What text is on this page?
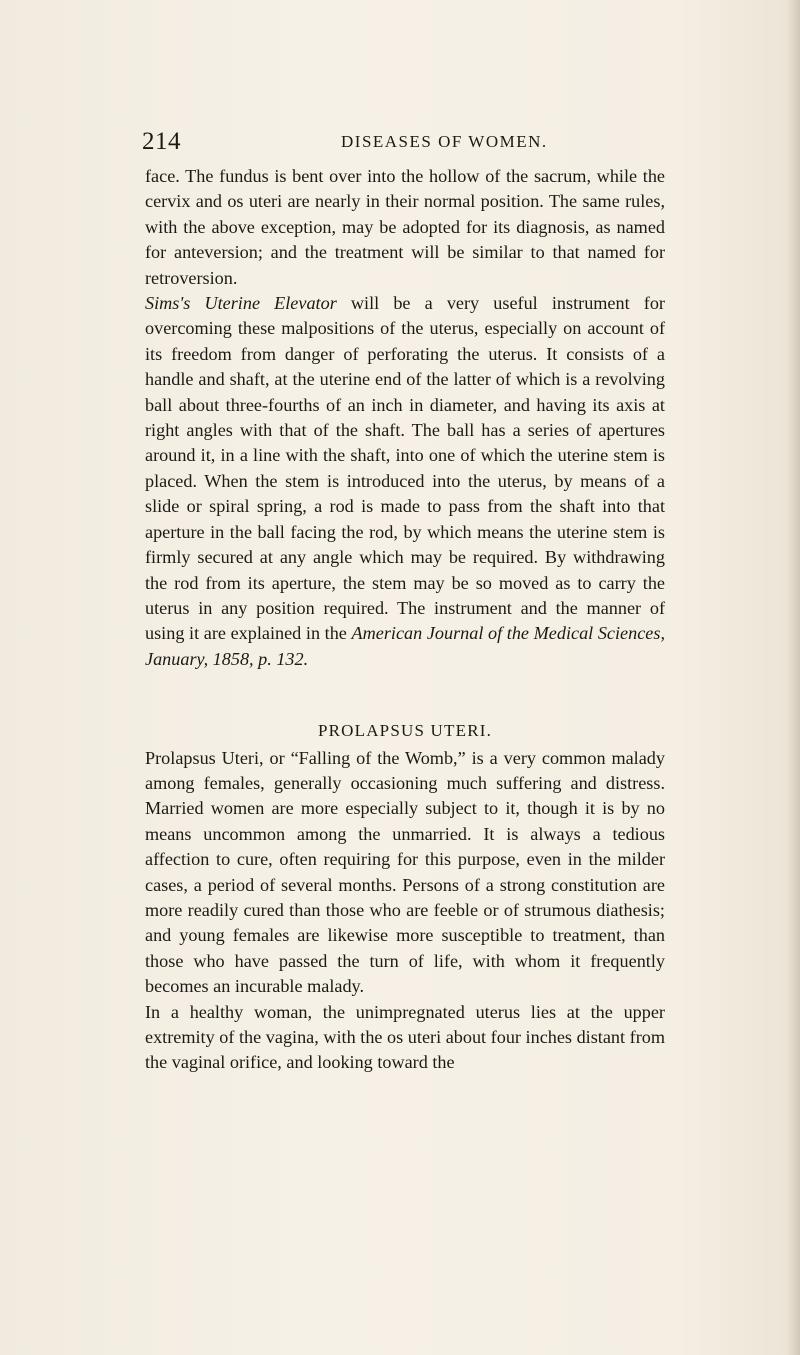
214	DISEASES OF WOMEN.

face. The fundus is bent over into the hollow of the sacrum, while the cervix and os uteri are nearly in their normal position. The same rules, with the above exception, may be adopted for its diagnosis, as named for anteversion; and the treatment will be similar to that named for retroversion.

Sims's Uterine Elevator will be a very useful instrument for overcoming these malpositions of the uterus, especially on account of its freedom from danger of perforating the uterus. It consists of a handle and shaft, at the uterine end of the latter of which is a revolving ball about three-fourths of an inch in diameter, and having its axis at right angles with that of the shaft. The ball has a series of apertures around it, in a line with the shaft, into one of which the uterine stem is placed. When the stem is introduced into the uterus, by means of a slide or spiral spring, a rod is made to pass from the shaft into that aperture in the ball facing the rod, by which means the uterine stem is firmly secured at any angle which may be required. By withdrawing the rod from its aperture, the stem may be so moved as to carry the uterus in any position required. The instrument and the manner of using it are explained in the American Journal of the Medical Sciences, January, 1858, p. 132.

PROLAPSUS UTERI.

Prolapsus Uteri, or “Falling of the Womb,” is a very common malady among females, generally occasioning much suffering and distress. Married women are more especially subject to it, though it is by no means uncommon among the unmarried. It is always a tedious affection to cure, often requiring for this purpose, even in the milder cases, a period of several months. Persons of a strong constitution are more readily cured than those who are feeble or of strumous diathesis; and young females are likewise more susceptible to treatment, than those who have passed the turn of life, with whom it frequently becomes an incurable malady.

In a healthy woman, the unimpregnated uterus lies at the upper extremity of the vagina, with the os uteri about four inches distant from the vaginal orifice, and looking toward the
